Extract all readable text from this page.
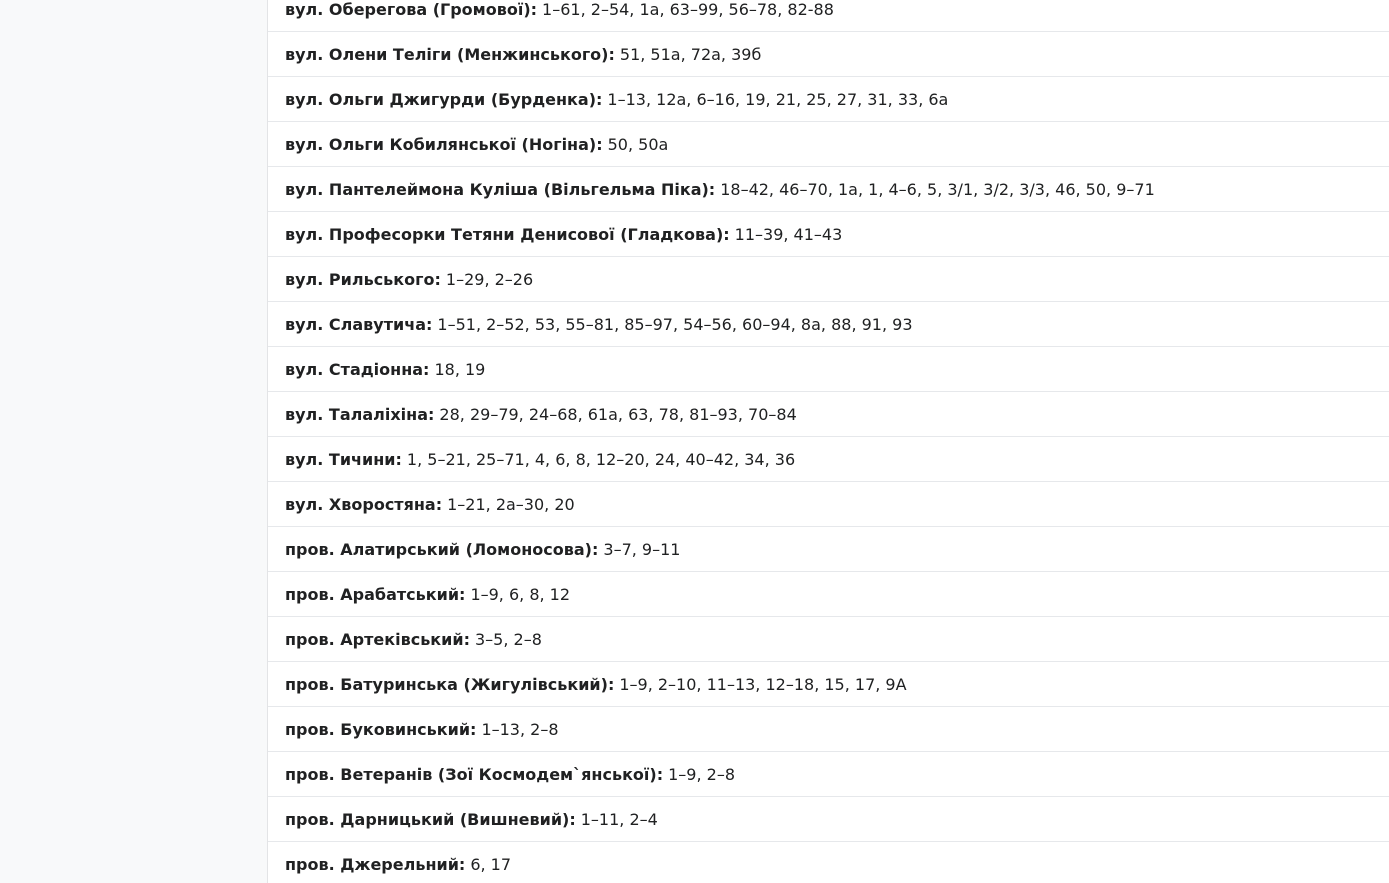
вул. Оберегова (Громової) : 1–61, 2–54, 1а, 63–99, 56–78, 82-88
вул. Олени Теліги (Менжинського) : 51, 51а, 72а, 39б
вул. Ольги Джигурди (Бурденка) : 1–13, 12а, 6–16, 19, 21, 25, 27, 31, 33, 6а
вул. Ольги Кобилянської (Ногіна) : 50, 50а
вул. Пантелеймона Куліша (Вільгельма Піка) : 18–42, 46–70, 1а, 1, 4–6, 5, 3/1, 3/2, 3/3, 46, 50, 9–71
вул. Професорки Тетяни Денисової (Гладкова) : 11–39, 41–43
вул. Рильського : 1–29, 2–26
вул. Славутича : 1–51, 2–52, 53, 55–81, 85–97, 54–56, 60–94, 8а, 88, 91, 93
вул. Стадіонна : 18, 19
вул. Талаліхіна : 28, 29–79, 24–68, 61а, 63, 78, 81–93, 70–84
вул. Тичини : 1, 5–21, 25–71, 4, 6, 8, 12–20, 24, 40–42, 34, 36
вул. Хворостяна : 1–21, 2а–30, 20
пров. Алатирський (Ломоносова) : 3–7, 9–11
пров. Арабатський : 1–9, 6, 8, 12
пров. Артеківський : 3–5, 2–8
пров. Батуринська (Жигулівський) : 1–9, 2–10, 11–13, 12–18, 15, 17, 9А
пров. Буковинський : 1–13, 2–8
пров. Ветеранів (Зої Космодем`янської) : 1–9, 2–8
пров. Дарницький (Вишневий) : 1–11, 2–4
пров. Джерельний : 6, 17
